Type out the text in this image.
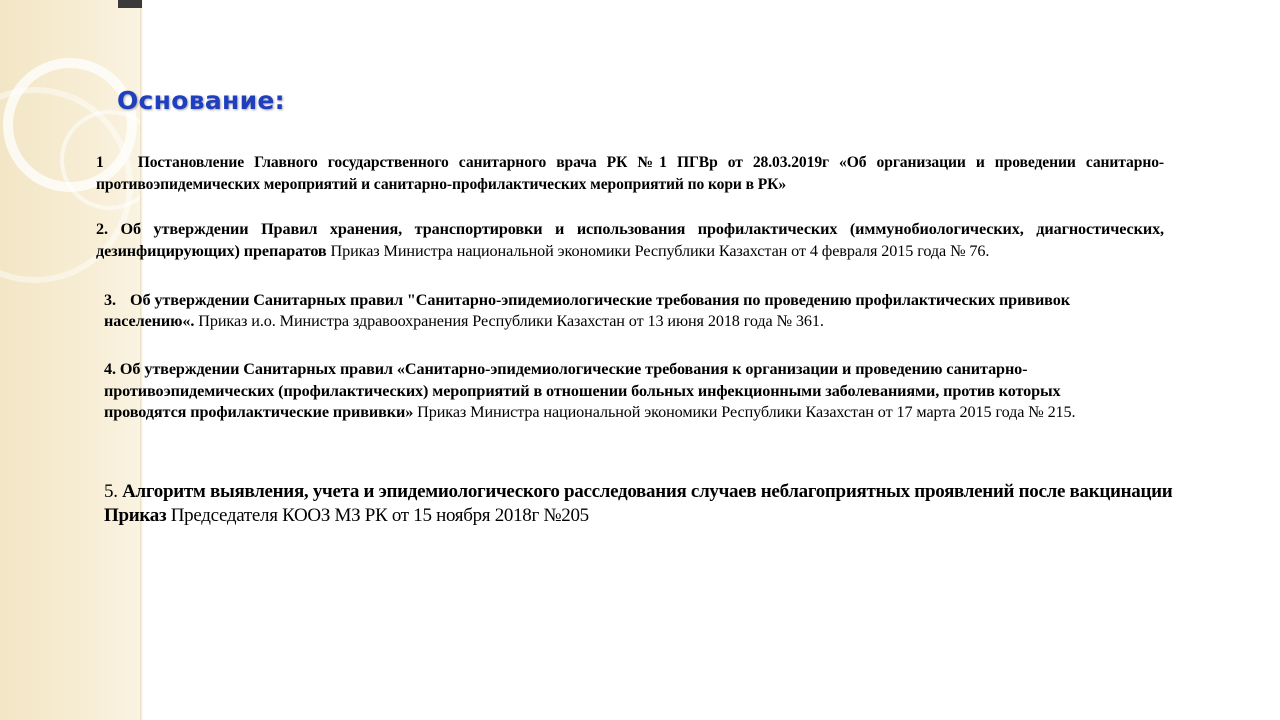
Основание:

1 Постановление Главного государственного санитарного врача РК №1 ПГВр от 28.03.2019г «Об организации и проведении санитарно-противоэпидемических мероприятий и санитарно-профилактических мероприятий по кори в РК»

2. Об утверждении Правил хранения, транспортировки и использования профилактических (иммунобиологических, диагностических, дезинфицирующих) препаратов Приказ Министра национальной экономики Республики Казахстан от 4 февраля 2015 года № 76.

3. Об утверждении Санитарных правил "Санитарно-эпидемиологические требования по проведению профилактических прививок населению«. Приказ и.о. Министра здравоохранения Республики Казахстан от 13 июня 2018 года № 361.

4. Об утверждении Санитарных правил «Санитарно-эпидемиологические требования к организации и проведению санитарно-противоэпидемических (профилактических) мероприятий в отношении больных инфекционными заболеваниями, против которых проводятся профилактические прививки» Приказ Министра национальной экономики Республики Казахстан от 17 марта 2015 года № 215.

5. Алгоритм выявления, учета и эпидемиологического расследования случаев неблагоприятных проявлений после вакцинации Приказ Председателя КООЗ МЗ РК от 15 ноября 2018г №205
